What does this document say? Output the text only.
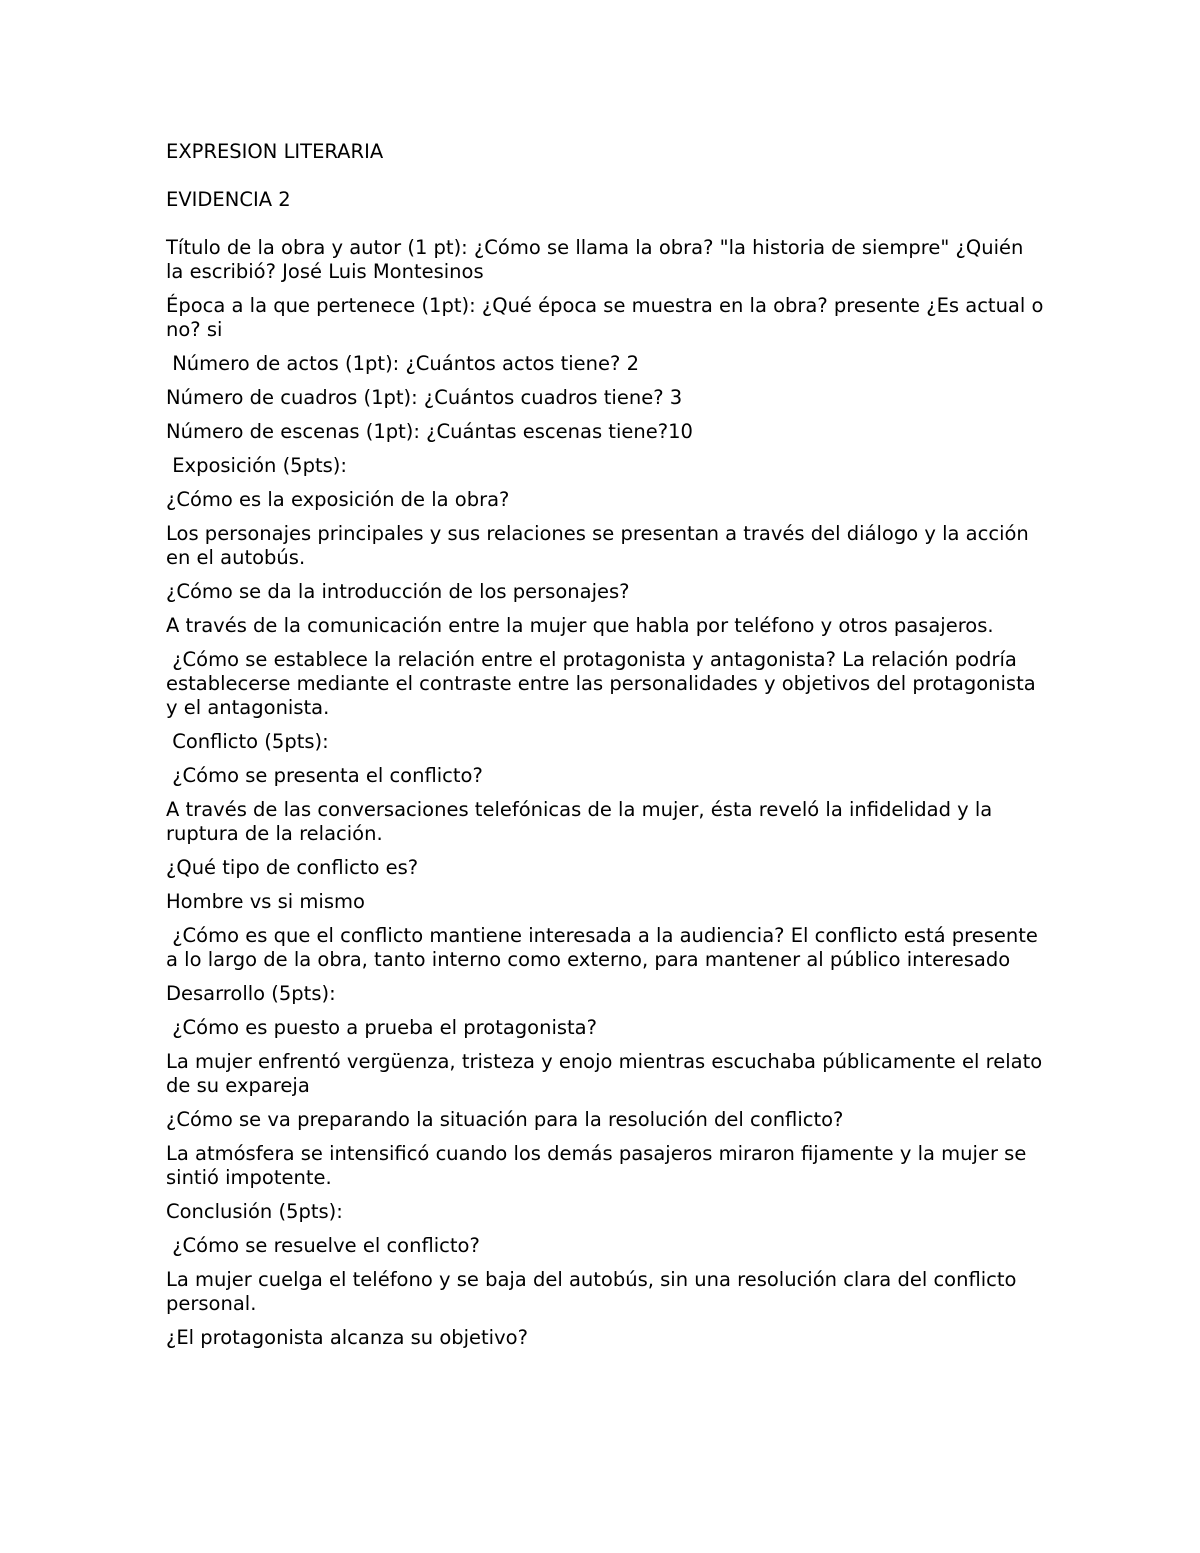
EXPRESION LITERARIA

EVIDENCIA 2

Título de la obra y autor (1 pt): ¿Cómo se llama la obra? "la historia de siempre" ¿Quién la escribió? José Luis Montesinos

Época a la que pertenece (1pt): ¿Qué época se muestra en la obra? presente ¿Es actual o no? si

Número de actos (1pt): ¿Cuántos actos tiene? 2

Número de cuadros (1pt): ¿Cuántos cuadros tiene? 3

Número de escenas (1pt): ¿Cuántas escenas tiene?10

Exposición (5pts):

¿Cómo es la exposición de la obra?

Los personajes principales y sus relaciones se presentan a través del diálogo y la acción en el autobús.

¿Cómo se da la introducción de los personajes?

A través de la comunicación entre la mujer que habla por teléfono y otros pasajeros.

¿Cómo se establece la relación entre el protagonista y antagonista? La relación podría establecerse mediante el contraste entre las personalidades y objetivos del protagonista y el antagonista.

Conflicto (5pts):

¿Cómo se presenta el conflicto?

A través de las conversaciones telefónicas de la mujer, ésta reveló la infidelidad y la ruptura de la relación.

¿Qué tipo de conflicto es?

Hombre vs si mismo

¿Cómo es que el conflicto mantiene interesada a la audiencia? El conflicto está presente a lo largo de la obra, tanto interno como externo, para mantener al público interesado

Desarrollo (5pts):

¿Cómo es puesto a prueba el protagonista?

La mujer enfrentó vergüenza, tristeza y enojo mientras escuchaba públicamente el relato de su expareja

¿Cómo se va preparando la situación para la resolución del conflicto?

La atmósfera se intensificó cuando los demás pasajeros miraron fijamente y la mujer se sintió impotente.

Conclusión (5pts):

¿Cómo se resuelve el conflicto?

La mujer cuelga el teléfono y se baja del autobús, sin una resolución clara del conflicto personal.

¿El protagonista alcanza su objetivo?
